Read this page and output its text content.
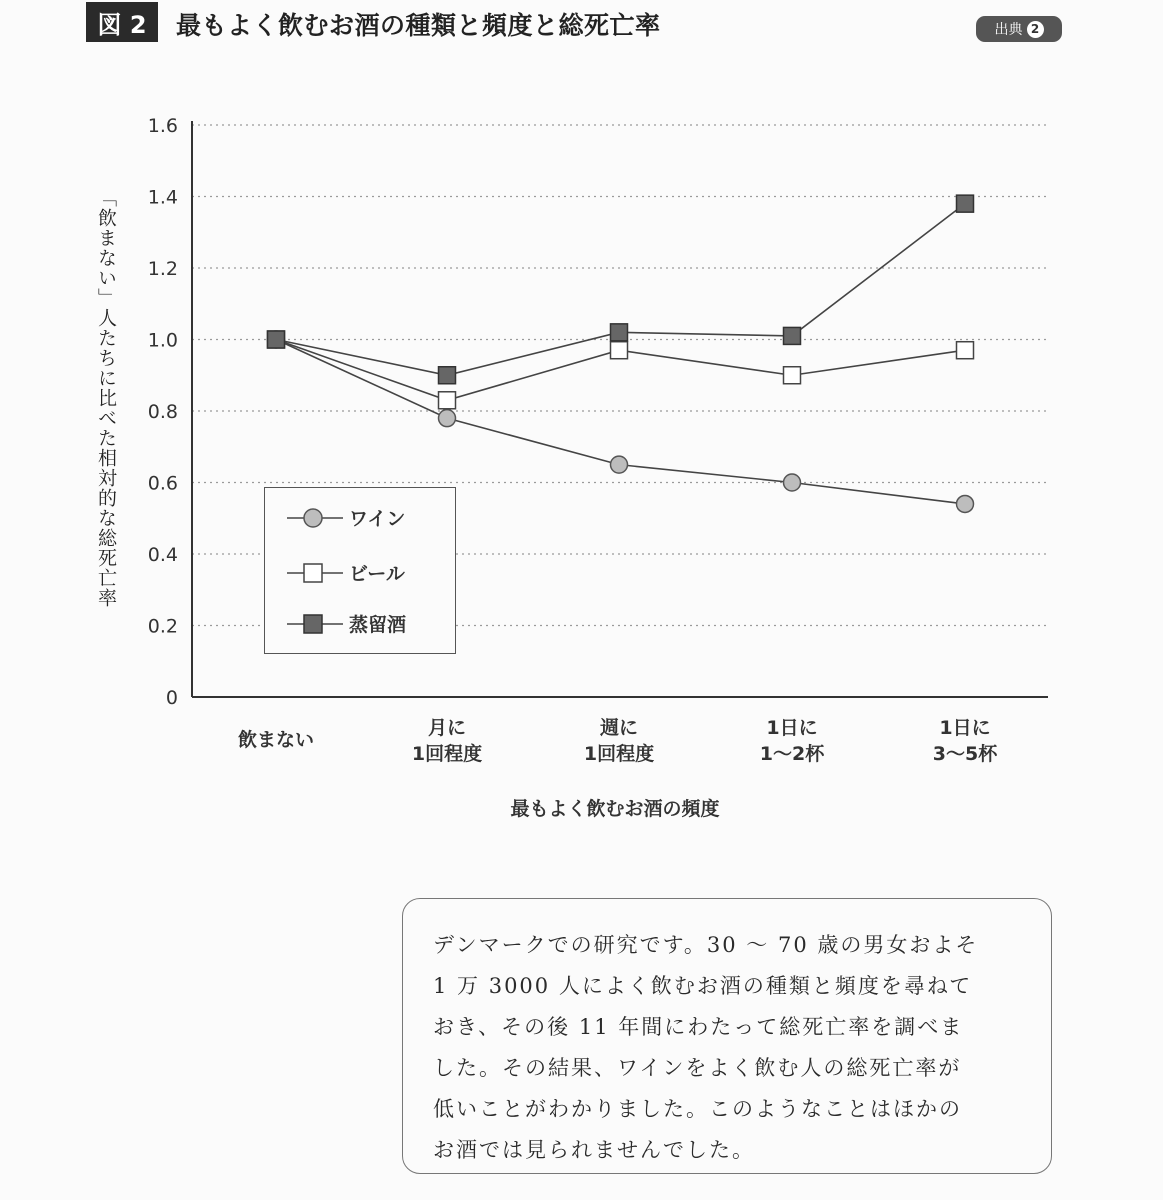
図 2 最もよく飲むお酒の種類と頻度と総死亡率	出典 2
0
0.2
0.4
0.6
0.8
1.0
1.2
1.4
1.6
飲まない
月に 1回程度
週に 1回程度
1日に 1～2杯
1日に 3～5杯
最もよく飲むお酒の頻度
「飲まない」人たちに比べた相対的な総死亡率	ワイン
ビール
蒸留酒
デンマークでの研究です。30 ～ 70 歳の男女およそ
1 万 3000 人によく飲むお酒の種類と頻度を尋ねて
おき、その後 11 年間にわたって総死亡率を調べま
した。その結果、ワインをよく飲む人の総死亡率が
低いことがわかりました。このようなことはほかの
お酒では見られませんでした。
